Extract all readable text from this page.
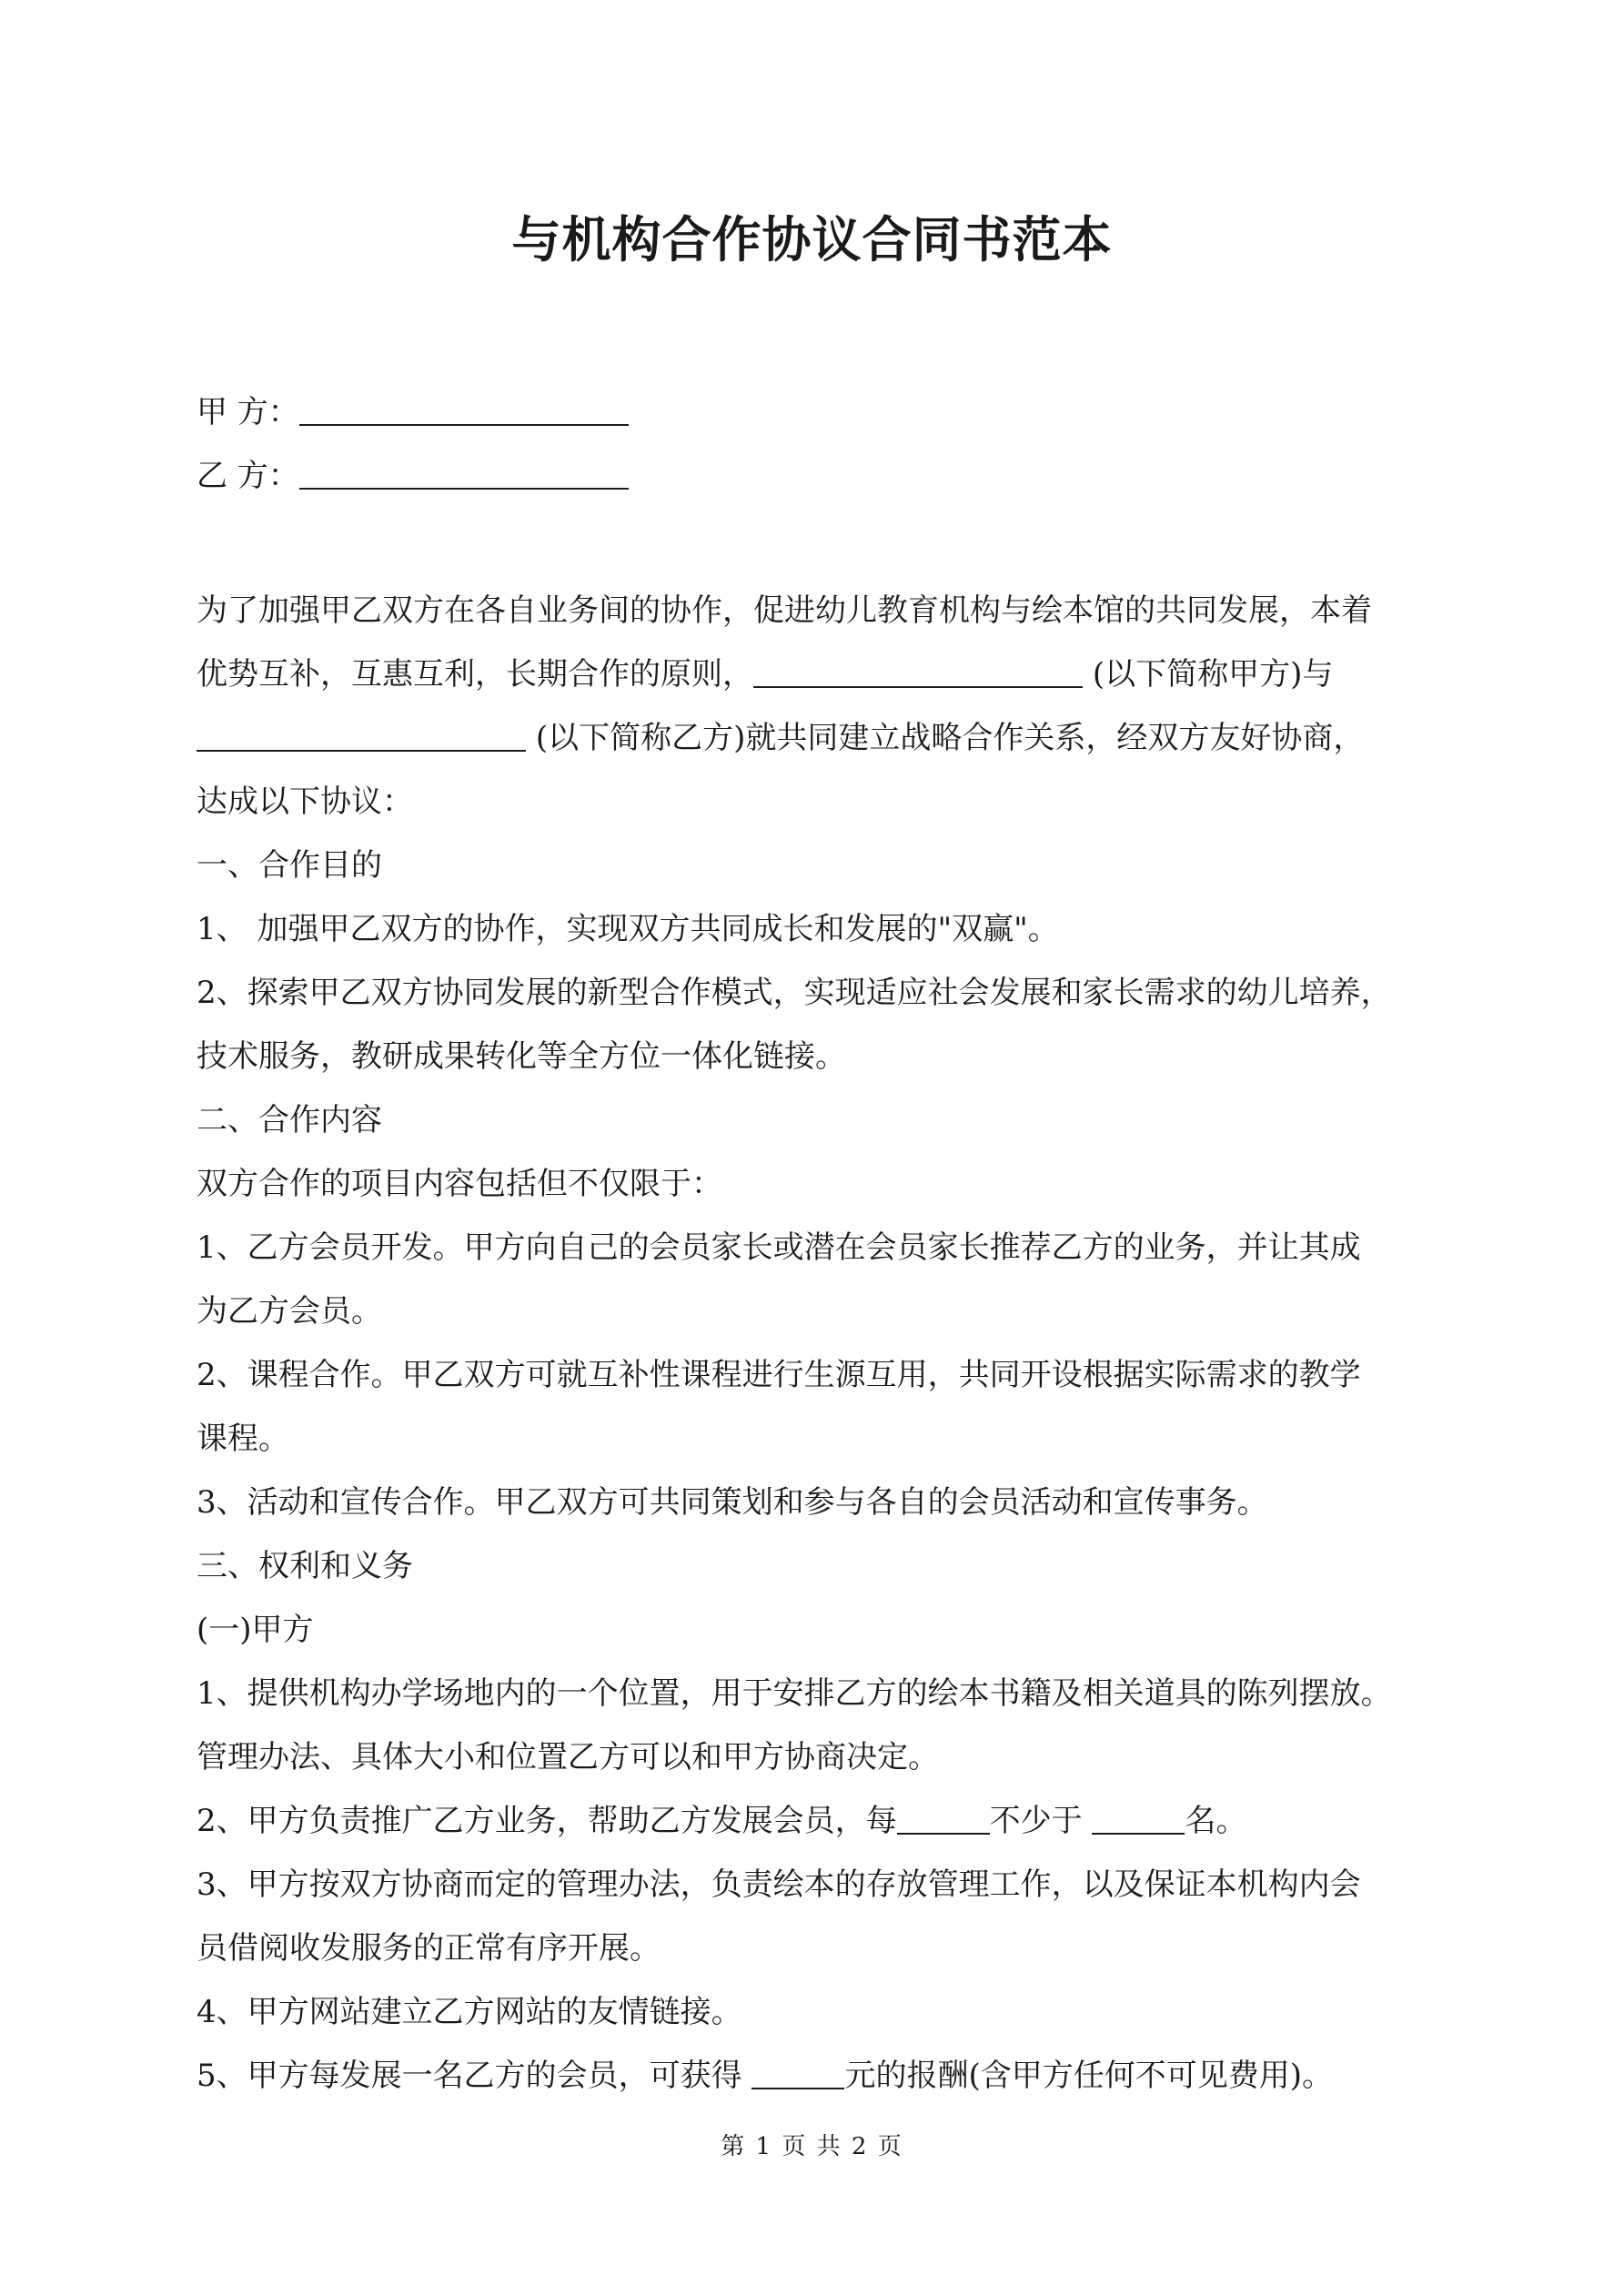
与机构合作协议合同书范本
甲 方：
乙 方：
为了加强甲乙双方在各自业务间的协作，促进幼儿教育机构与绘本馆的共同发展，本着
优势互补，互惠互利，长期合作的原则，	(以下简称甲方)与
(以下简称乙方)就共同建立战略合作关系，经双方友好协商，
达成以下协议：
一、合作目的
1、 加强甲乙双方的协作，实现双方共同成长和发展的"双赢"。
2、探索甲乙双方协同发展的新型合作模式，实现适应社会发展和家长需求的幼儿培养，
技术服务，教研成果转化等全方位一体化链接。
二、合作内容
双方合作的项目内容包括但不仅限于：
1、乙方会员开发。甲方向自己的会员家长或潜在会员家长推荐乙方的业务，并让其成
为乙方会员。
2、课程合作。甲乙双方可就互补性课程进行生源互用，共同开设根据实际需求的教学
课程。
3、活动和宣传合作。甲乙双方可共同策划和参与各自的会员活动和宣传事务。
三、权利和义务
(一)甲方
1、提供机构办学场地内的一个位置，用于安排乙方的绘本书籍及相关道具的陈列摆放。
管理办法、具体大小和位置乙方可以和甲方协商决定。
2、甲方负责推广乙方业务，帮助乙方发展会员，每	不少于	名。
3、甲方按双方协商而定的管理办法，负责绘本的存放管理工作，以及保证本机构内会
员借阅收发服务的正常有序开展。
4、甲方网站建立乙方网站的友情链接。
5、甲方每发展一名乙方的会员，可获得	元的报酬(含甲方任何不可见费用)。
第 1 页 共 2 页
